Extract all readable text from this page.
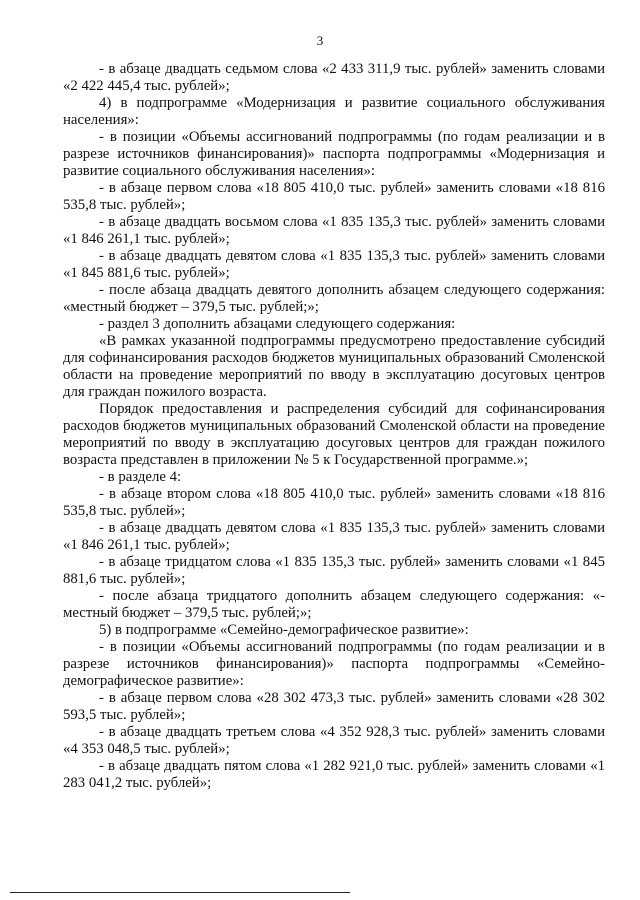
3

- в абзаце двадцать седьмом слова «2 433 311,9 тыс. рублей» заменить словами «2 422 445,4 тыс. рублей»;

4) в подпрограмме «Модернизация и развитие социального обслуживания населения»:

- в позиции «Объемы ассигнований подпрограммы (по годам реализации и в разрезе источников финансирования)» паспорта подпрограммы «Модернизация и развитие социального обслуживания населения»:

- в абзаце первом слова «18 805 410,0 тыс. рублей» заменить словами «18 816 535,8 тыс. рублей»;

- в абзаце двадцать восьмом слова «1 835 135,3 тыс. рублей» заменить словами «1 846 261,1 тыс. рублей»;

- в абзаце двадцать девятом слова «1 835 135,3 тыс. рублей» заменить словами «1 845 881,6 тыс. рублей»;

- после абзаца двадцать девятого дополнить абзацем следующего содержания: «местный бюджет – 379,5 тыс. рублей;»;

- раздел 3 дополнить абзацами следующего содержания:

«В рамках указанной подпрограммы предусмотрено предоставление субсидий для софинансирования расходов бюджетов муниципальных образований Смоленской области на проведение мероприятий по вводу в эксплуатацию досуговых центров для граждан пожилого возраста.

Порядок предоставления и распределения субсидий для софинансирования расходов бюджетов муниципальных образований Смоленской области на проведение мероприятий по вводу в эксплуатацию досуговых центров для граждан пожилого возраста представлен в приложении № 5 к Государственной программе.»;

- в разделе 4:

- в абзаце втором слова «18 805 410,0 тыс. рублей» заменить словами «18 816 535,8 тыс. рублей»;

- в абзаце двадцать девятом слова «1 835 135,3 тыс. рублей» заменить словами «1 846 261,1 тыс. рублей»;

- в абзаце тридцатом слова «1 835 135,3 тыс. рублей» заменить словами «1 845 881,6 тыс. рублей»;

- после абзаца тридцатого дополнить абзацем следующего содержания: «- местный бюджет – 379,5 тыс. рублей;»;

5) в подпрограмме «Семейно-демографическое развитие»:

- в позиции «Объемы ассигнований подпрограммы (по годам реализации и в разрезе источников финансирования)» паспорта подпрограммы «Семейно-демографическое развитие»:

- в абзаце первом слова «28 302 473,3 тыс. рублей» заменить словами «28 302 593,5 тыс. рублей»;

- в абзаце двадцать третьем слова «4 352 928,3 тыс. рублей» заменить словами «4 353 048,5 тыс. рублей»;

- в абзаце двадцать пятом слова «1 282 921,0 тыс. рублей» заменить словами «1 283 041,2 тыс. рублей»;
